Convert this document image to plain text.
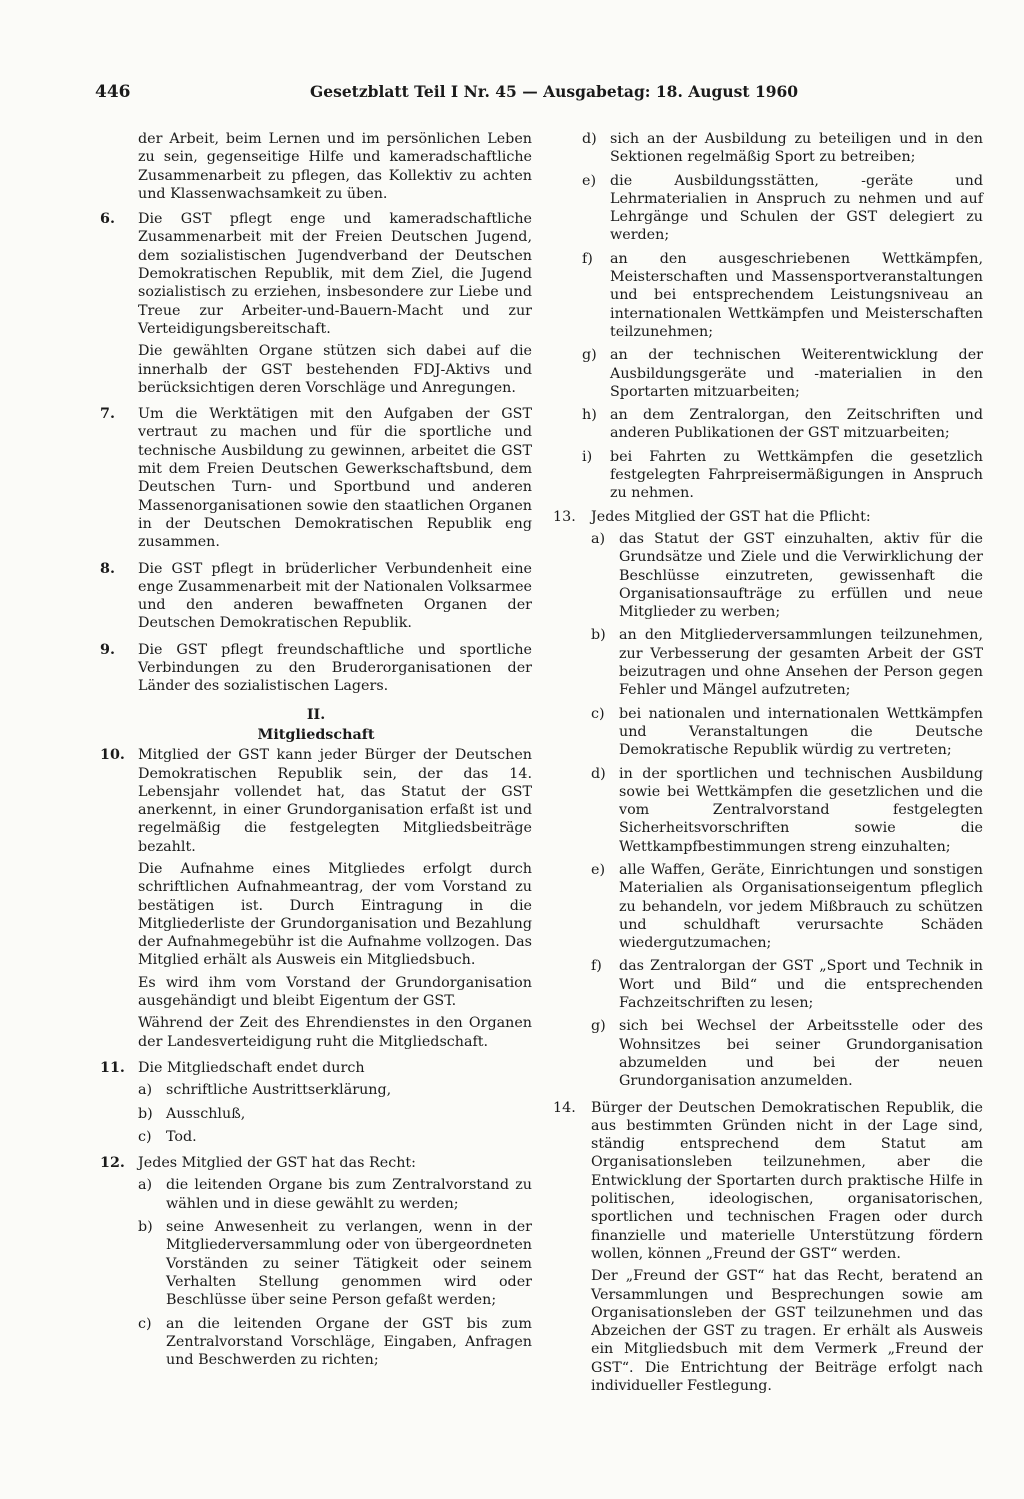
446	Gesetzblatt Teil I Nr. 45 — Ausgabetag: 18. August 1960

der Arbeit, beim Lernen und im persönlichen Leben zu sein, gegenseitige Hilfe und kameradschaftliche Zusammenarbeit zu pflegen, das Kollektiv zu achten und Klassenwachsamkeit zu üben.

6.	Die GST pflegt enge und kameradschaftliche Zusammenarbeit mit der Freien Deutschen Jugend, dem sozialistischen Jugendverband der Deutschen Demokratischen Republik, mit dem Ziel, die Jugend sozialistisch zu erziehen, insbesondere zur Liebe und Treue zur Arbeiter-und-Bauern-Macht und zur Verteidigungsbereitschaft.

Die gewählten Organe stützen sich dabei auf die innerhalb der GST bestehenden FDJ-Aktivs und berücksichtigen deren Vorschläge und Anregungen.

7.	Um die Werktätigen mit den Aufgaben der GST vertraut zu machen und für die sportliche und technische Ausbildung zu gewinnen, arbeitet die GST mit dem Freien Deutschen Gewerkschaftsbund, dem Deutschen Turn- und Sportbund und anderen Massenorganisationen sowie den staatlichen Organen in der Deutschen Demokratischen Republik eng zusammen.

8.	Die GST pflegt in brüderlicher Verbundenheit eine enge Zusammenarbeit mit der Nationalen Volksarmee und den anderen bewaffneten Organen der Deutschen Demokratischen Republik.

9.	Die GST pflegt freundschaftliche und sportliche Verbindungen zu den Bruderorganisationen der Länder des sozialistischen Lagers.

II.
Mitgliedschaft
10. Mitglied der GST kann jeder Bürger der Deutschen Demokratischen Republik sein, der das 14. Lebensjahr vollendet hat, das Statut der GST anerkennt, in einer Grundorganisation erfaßt ist und regelmäßig die festgelegten Mitgliedsbeiträge bezahlt.

Die Aufnahme eines Mitgliedes erfolgt durch schriftlichen Aufnahmeantrag, der vom Vorstand zu bestätigen ist. Durch Eintragung in die Mitgliederliste der Grundorganisation und Bezahlung der Aufnahmegebühr ist die Aufnahme vollzogen. Das Mitglied erhält als Ausweis ein Mitgliedsbuch.

Es wird ihm vom Vorstand der Grundorganisation ausgehändigt und bleibt Eigentum der GST.

Während der Zeit des Ehrendienstes in den Organen der Landesverteidigung ruht die Mitgliedschaft.

11. Die Mitgliedschaft endet durch

a) schriftliche Austrittserklärung,
b) Ausschluß,
c)	Tod.
12. Jedes Mitglied der GST hat das Recht:

a) die leitenden Organe bis zum Zentralvorstand zu wählen und in diese gewählt zu werden;
b) seine Anwesenheit zu verlangen, wenn in der Mitgliederversammlung oder von übergeordneten Vorständen zu seiner Tätigkeit oder seinem Verhalten Stellung genommen wird oder Beschlüsse über seine Person gefaßt werden;
c)	an die leitenden Organe der GST bis zum Zentralvorstand Vorschläge, Eingaben, Anfragen und Beschwerden zu richten;
d) sich an der Ausbildung zu beteiligen und in den Sektionen regelmäßig Sport zu betreiben;
e) die Ausbildungsstätten, -geräte und Lehrmaterialien in Anspruch zu nehmen und auf Lehrgänge und Schulen der GST delegiert zu werden;
f)	an den ausgeschriebenen Wettkämpfen, Meisterschaften und Massensportveranstaltungen und bei entsprechendem Leistungsniveau an internationalen Wettkämpfen und Meisterschaften teilzunehmen;
g) an der technischen Weiterentwicklung der Ausbildungsgeräte und -materialien in den Sportarten mitzuarbeiten;
h) an dem Zentralorgan, den Zeitschriften und anderen Publikationen der GST mitzuarbeiten;
i)	bei Fahrten zu Wettkämpfen die gesetzlich festgelegten Fahrpreisermäßigungen in Anspruch zu nehmen.
13.	Jedes Mitglied der GST hat die Pflicht:

a) das Statut der GST einzuhalten, aktiv für die Grundsätze und Ziele und die Verwirklichung der Beschlüsse einzutreten, gewissenhaft die Organisationsaufträge zu erfüllen und neue Mitglieder zu werben;
b) an den Mitgliederversammlungen teilzunehmen, zur Verbesserung der gesamten Arbeit der GST beizutragen und ohne Ansehen der Person gegen Fehler und Mängel aufzutreten;
c)	bei nationalen und internationalen Wettkämpfen und Veranstaltungen die Deutsche Demokratische Republik würdig zu vertreten;
d) in der sportlichen und technischen Ausbildung sowie bei Wettkämpfen die gesetzlichen und die vom Zentralvorstand festgelegten Sicherheitsvorschriften sowie die Wettkampfbestimmungen streng einzuhalten;
e) alle Waffen, Geräte, Einrichtungen und sonstigen Materialien als Organisationseigentum pfleglich zu behandeln, vor jedem Mißbrauch zu schützen und schuldhaft verursachte Schäden wiedergutzumachen;
f)	das Zentralorgan der GST „Sport und Technik in Wort und Bild“ und die entsprechenden Fachzeitschriften zu lesen;
g) sich bei Wechsel der Arbeitsstelle oder des Wohnsitzes bei seiner Grundorganisation abzumelden und bei der neuen Grundorganisation anzumelden.
14.	Bürger der Deutschen Demokratischen Republik, die aus bestimmten Gründen nicht in der Lage sind, ständig entsprechend dem Statut am Organisationsleben teilzunehmen, aber die Entwicklung der Sportarten durch praktische Hilfe in politischen, ideologischen, organisatorischen, sportlichen und technischen Fragen oder durch finanzielle und materielle Unterstützung fördern wollen, können „Freund der GST“ werden.

Der „Freund der GST“ hat das Recht, beratend an Versammlungen und Besprechungen sowie am Organisationsleben der GST teilzunehmen und das Abzeichen der GST zu tragen. Er erhält als Ausweis ein Mitgliedsbuch mit dem Vermerk „Freund der GST“. Die Entrichtung der Beiträge erfolgt nach individueller Festlegung.
